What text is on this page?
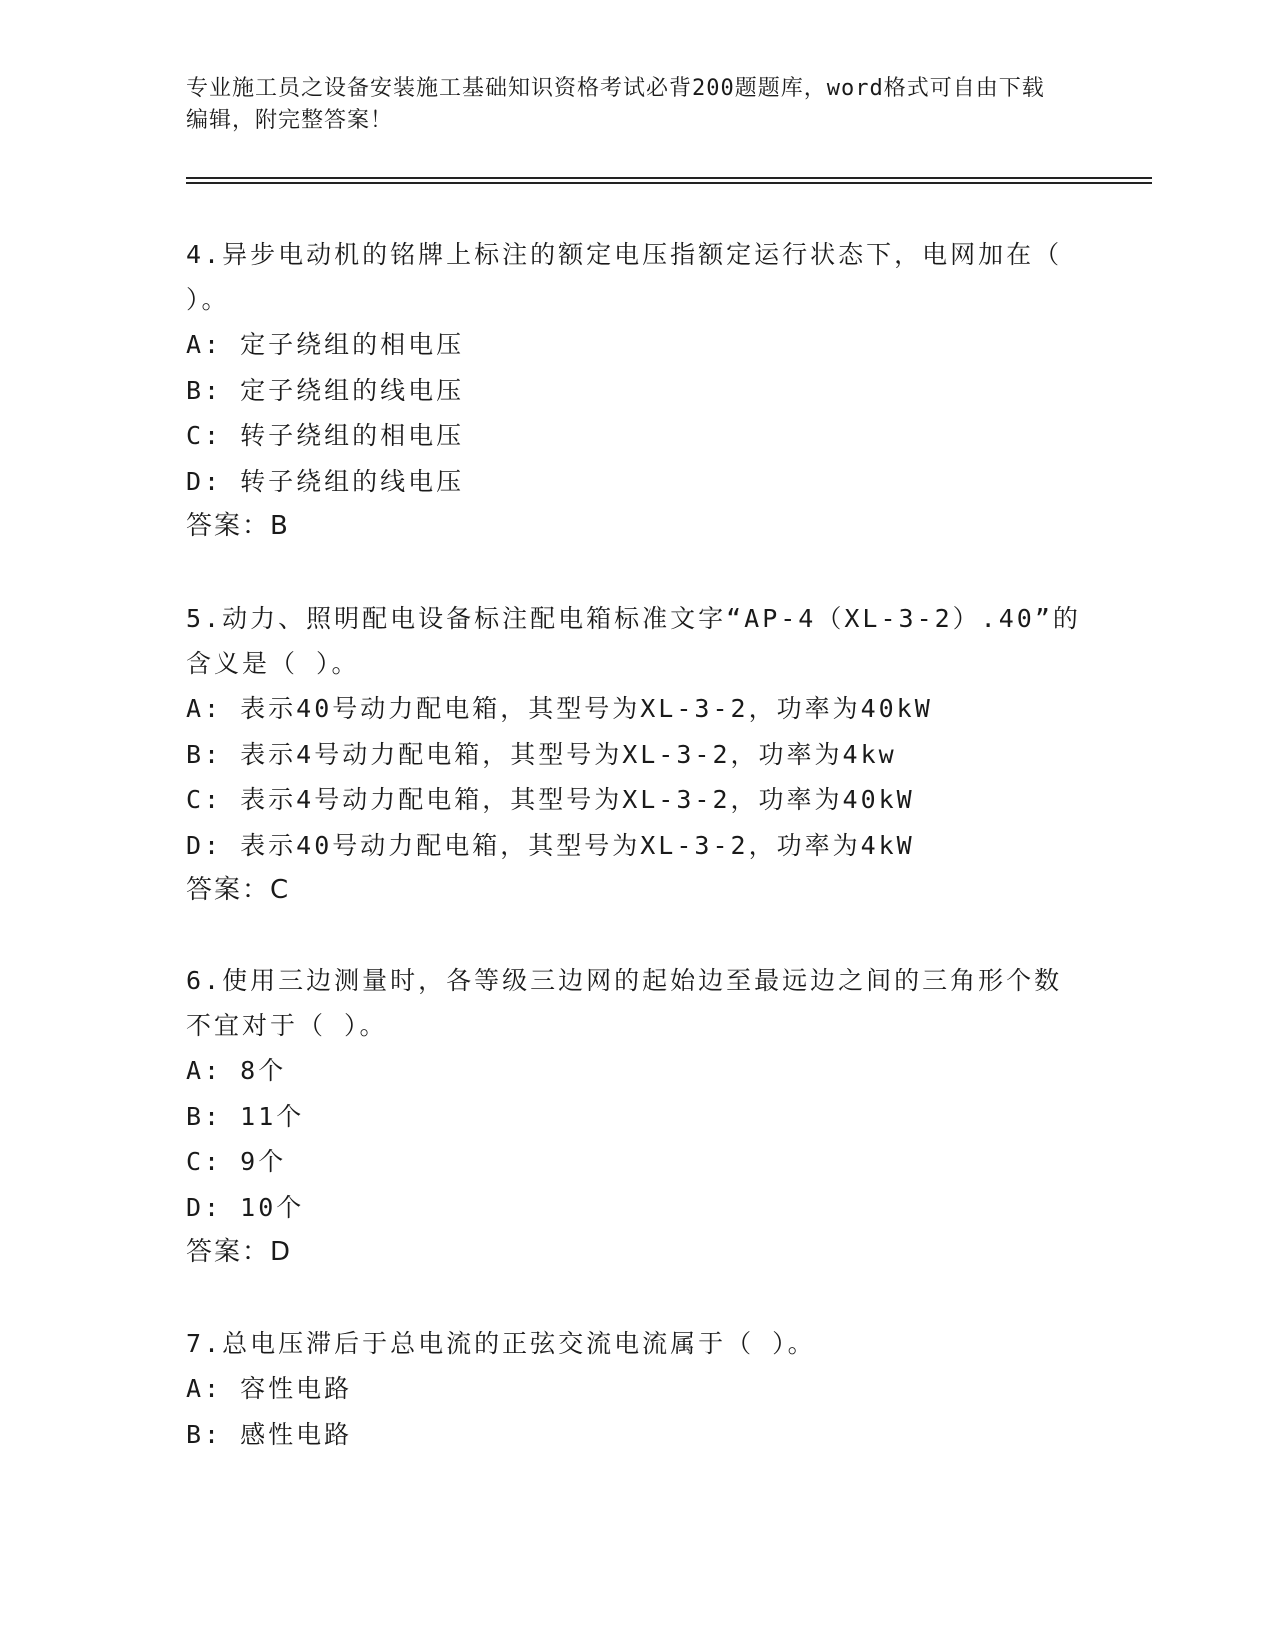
专业施工员之设备安装施工基础知识资格考试必背200题题库，word格式可自由下载编辑，附完整答案！

4.异步电动机的铭牌上标注的额定电压指额定运行状态下，电网加在（ ）。

A: 定子绕组的相电压

B: 定子绕组的线电压

C: 转子绕组的相电压

D: 转子绕组的线电压

答案：B

5.动力、照明配电设备标注配电箱标准文字“AP-4（XL-3-2）.40”的含义是（ ）。

A: 表示40号动力配电箱，其型号为XL-3-2，功率为40kW

B: 表示4号动力配电箱，其型号为XL-3-2，功率为4kw

C: 表示4号动力配电箱，其型号为XL-3-2，功率为40kW

D: 表示40号动力配电箱，其型号为XL-3-2，功率为4kW

答案：C

6.使用三边测量时，各等级三边网的起始边至最远边之间的三角形个数不宜对于（ ）。

A: 8个

B: 11个

C: 9个

D: 10个

答案：D

7.总电压滞后于总电流的正弦交流电流属于（ ）。

A: 容性电路

B: 感性电路
